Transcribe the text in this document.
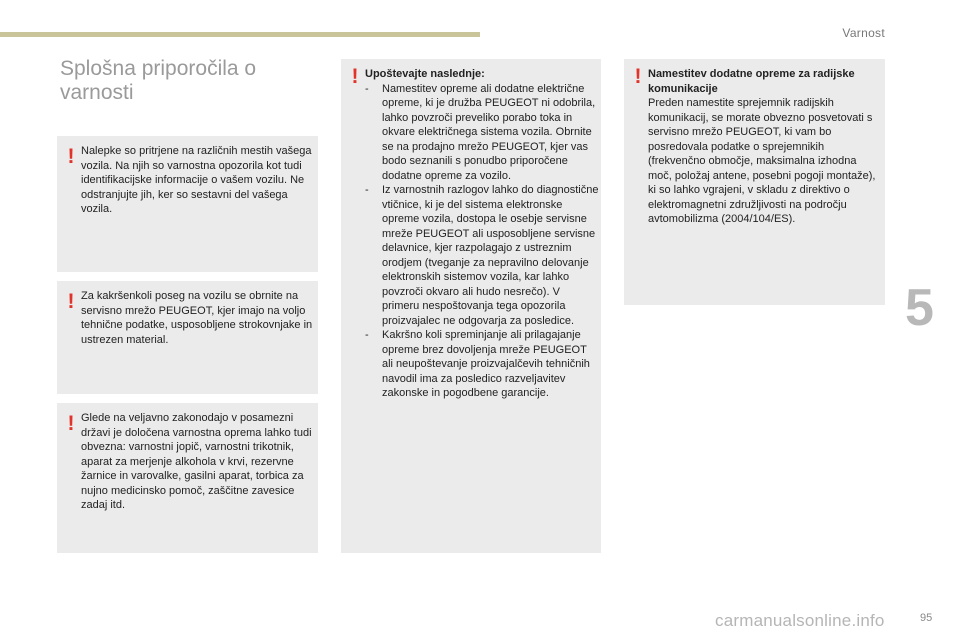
Varnost
Splošna priporočila o varnosti
! Nalepke so pritrjene na različnih mestih vašega vozila. Na njih so varnostna opozorila kot tudi identifikacijske informacije o vašem vozilu. Ne odstranjujte jih, ker so sestavni del vašega vozila.
! Za kakršenkoli poseg na vozilu se obrnite na servisno mrežo PEUGEOT, kjer imajo na voljo tehnične podatke, usposobljene strokovnjake in ustrezen material.
! Glede na veljavno zakonodajo v posamezni državi je določena varnostna oprema lahko tudi obvezna: varnostni jopič, varnostni trikotnik, aparat za merjenje alkohola v krvi, rezervne žarnice in varovalke, gasilni aparat, torbica za nujno medicinsko pomoč, zaščitne zavesice zadaj itd.
! Upoštevajte naslednje:
- Namestitev opreme ali dodatne električne opreme, ki je družba PEUGEOT ni odobrila, lahko povzroči preveliko porabo toka in okvare električnega sistema vozila. Obrnite se na prodajno mrežo PEUGEOT, kjer vas bodo seznanili s ponudbo priporočene dodatne opreme za vozilo.
- Iz varnostnih razlogov lahko do diagnostične vtičnice, ki je del sistema elektronske opreme vozila, dostopa le osebje servisne mreže PEUGEOT ali usposobljene servisne delavnice, kjer razpolagajo z ustreznim orodjem (tveganje za nepravilno delovanje elektronskih sistemov vozila, kar lahko povzroči okvaro ali hudo nesrečo). V primeru nespoštovanja tega opozorila proizvajalec ne odgovarja za posledice.
- Kakršno koli spreminjanje ali prilagajanje opreme brez dovoljenja mreže PEUGEOT ali neupoštevanje proizvajalčevih tehničnih navodil ima za posledico razveljavitev zakonske in pogodbene garancije.
! Namestitev dodatne opreme za radijske komunikacije
Preden namestite sprejemnik radijskih komunikacij, se morate obvezno posvetovati s servisno mrežo PEUGEOT, ki vam bo posredovala podatke o sprejemnikih (frekvenčno območje, maksimalna izhodna moč, položaj antene, posebni pogoji montaže), ki so lahko vgrajeni, v skladu z direktivo o elektromagnetni združljivosti na področju avtomobilizma (2004/104/ES).
5
carmanualsonline.info	95
